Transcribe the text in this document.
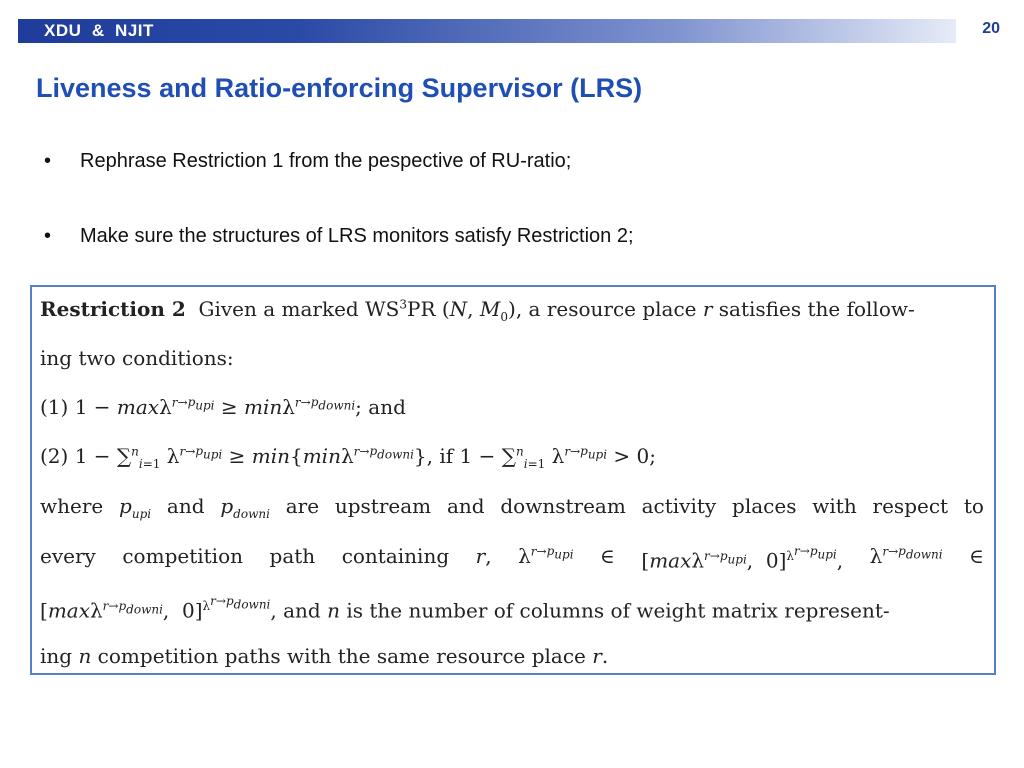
XDU  &  NJIT	20
Liveness and Ratio-enforcing Supervisor (LRS)
•	Rephrase Restriction 1 from the pespective of RU-ratio;
•	Make sure the structures of LRS monitors satisfy Restriction 2;
Restriction 2 Given a marked $WS^3PR$ (N, $M_0$), a resource place r satisfies the follow-
ing two conditions:
(1) 1 − maxλ$^{r\to p_{upi}}$ ≥ minλ$^{r\to p_{downi}}$; and
(2) 1 − ∑$^n_{i=1}$ $\lambda^{r\to p_{upi}} \ge \min\{\min\lambda^{r\to p_{downi}}\}$, if 1 − ∑$^n_{i=1}$ $\lambda^{r\to p_{upi}} > 0$;
where $p_{upi}$ and $p_{downi}$ are upstream and downstream activity places with respect to
every competition path containing r, $\lambda^{r\to p_{upi}}$ ∈ [maxλ$^{r\to p_{upi}}$,  0]$^{\lambda^{r\to p_{upi}}}$, $\lambda^{r\to p_{downi}}$ ∈
[maxλ$^{r\to p_{downi}}$,  0]$^{\lambda^{r\to p_{downi}}}$, and n is the number of columns of weight matrix represent-
ing n competition paths with the same resource place r.
